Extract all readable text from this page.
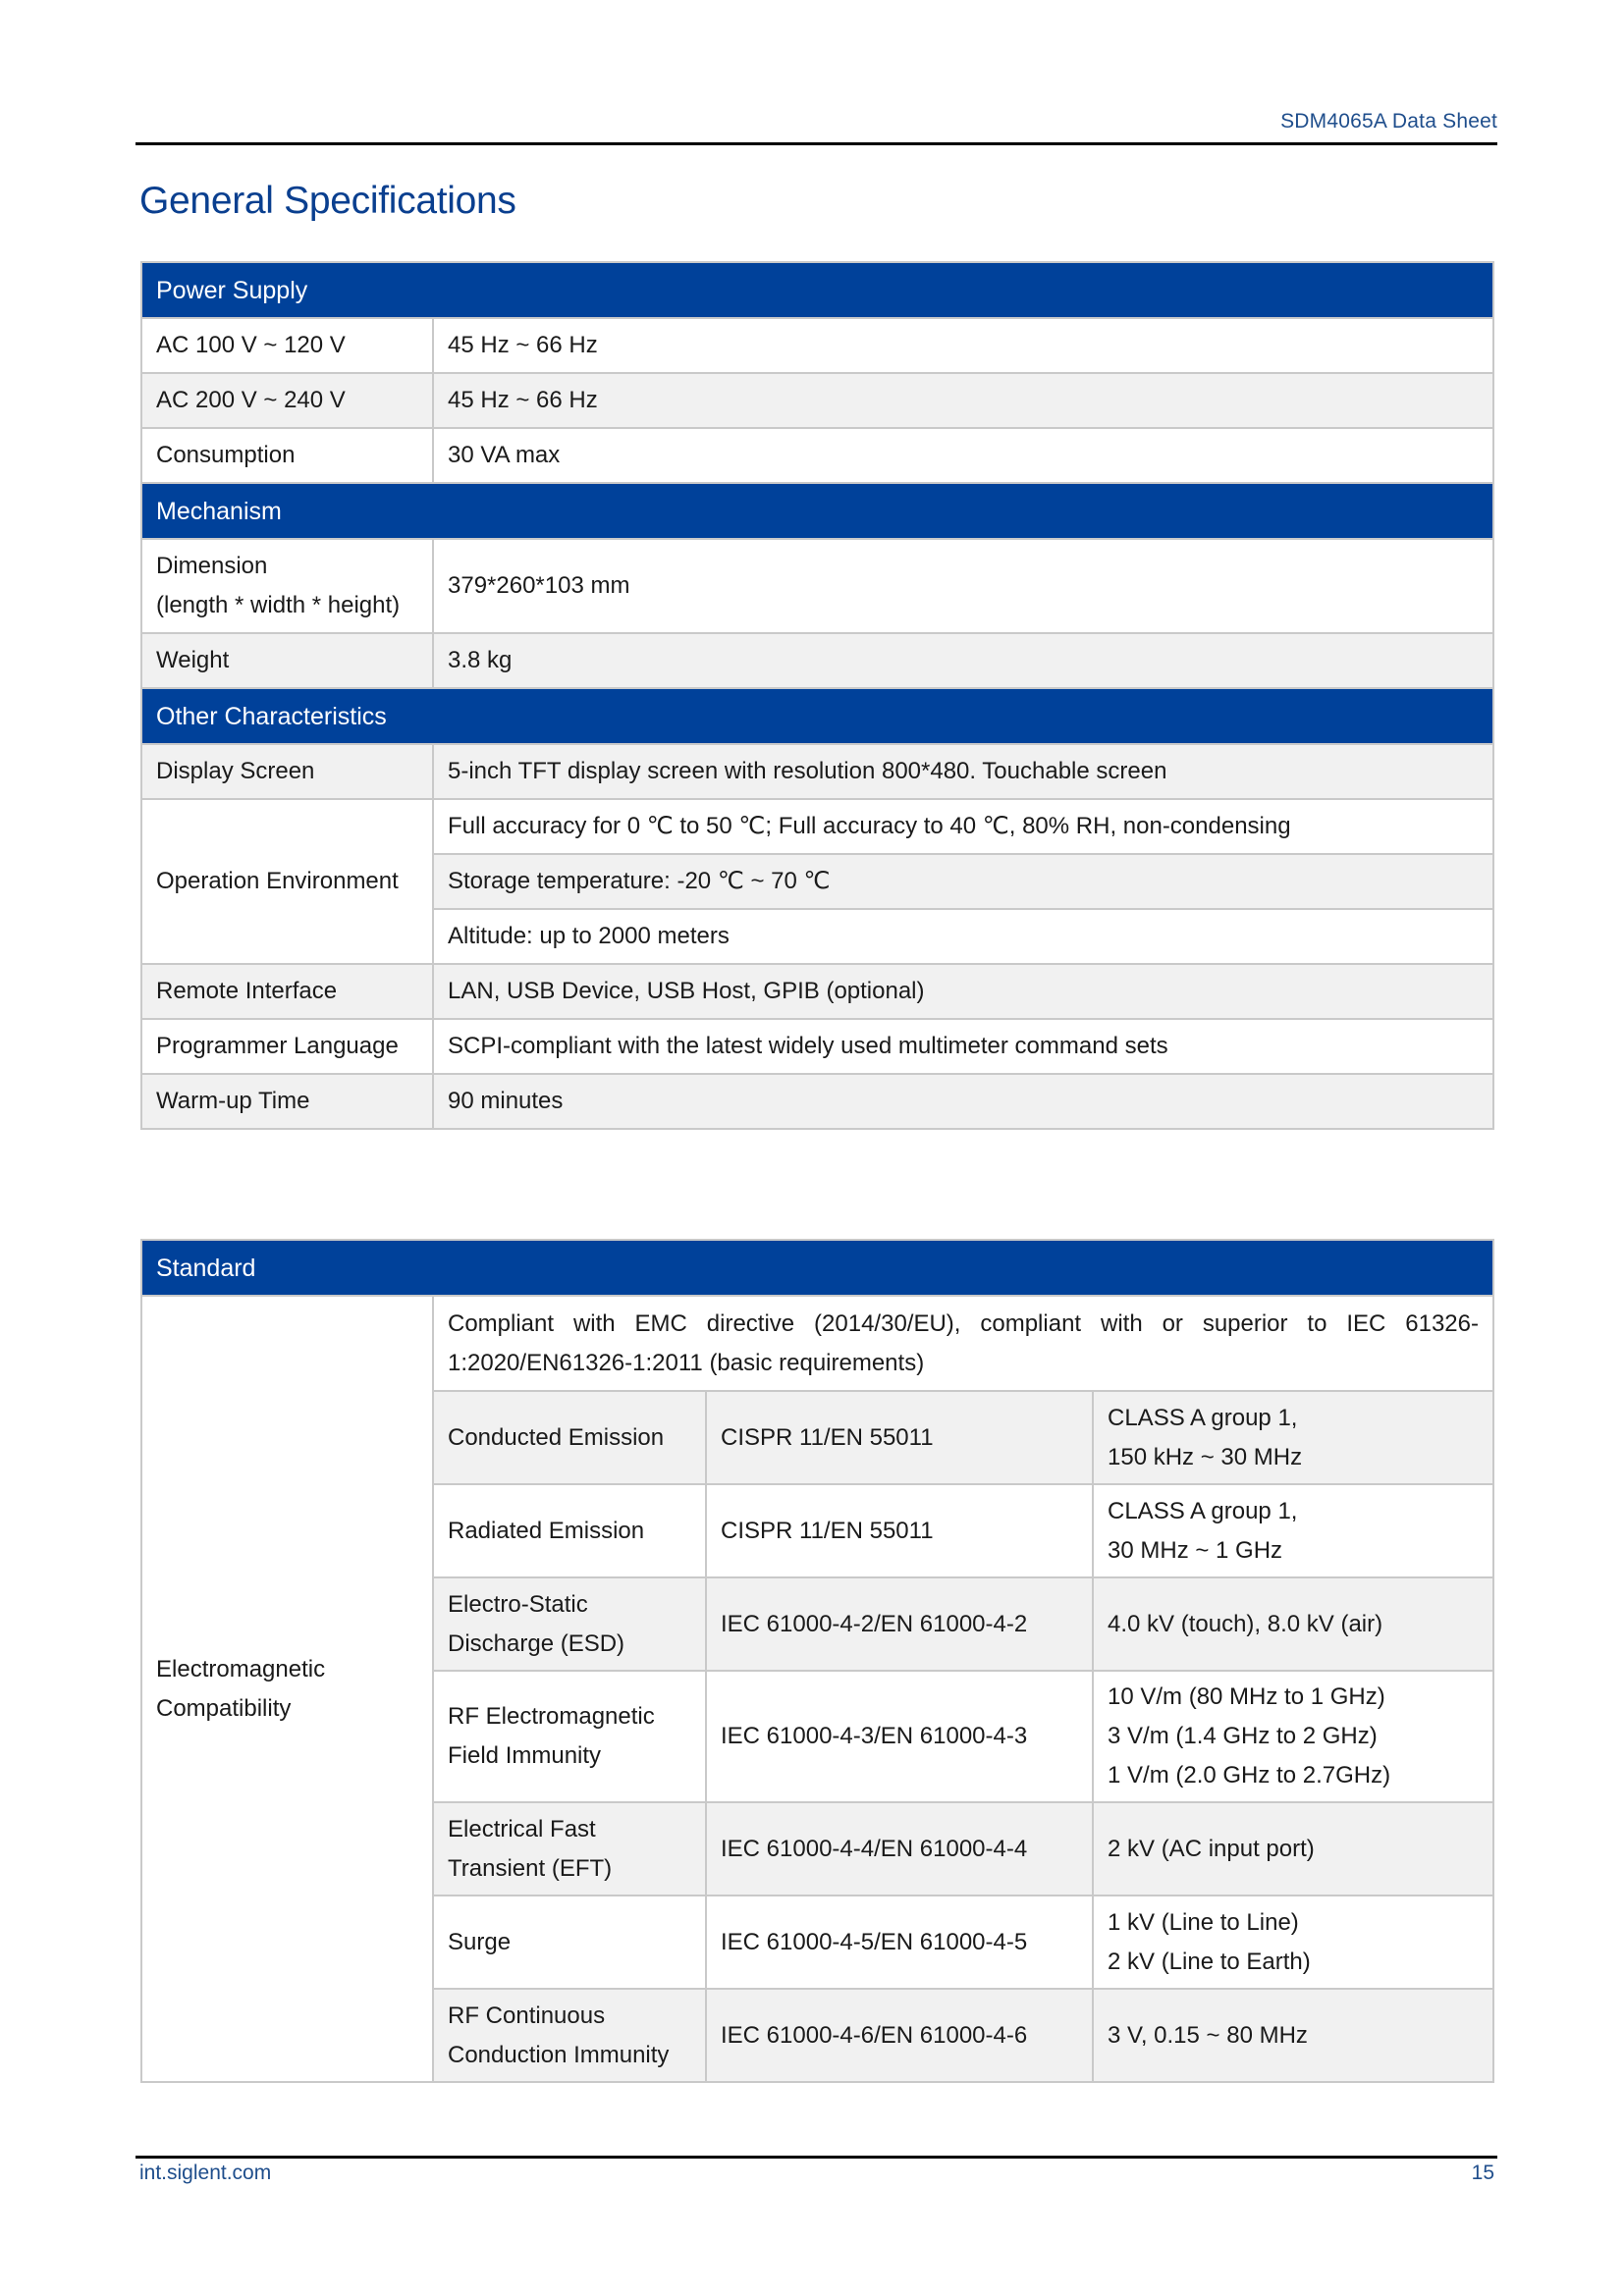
SDM4065A Data Sheet
General Specifications
Power Supply	
AC 100 V ~ 120 V	45 Hz ~ 66 Hz
AC 200 V ~ 240 V	45 Hz ~ 66 Hz
Consumption	30 VA max
Mechanism	

Dimension
(length * width * height)	379*260*103 mm
Weight	3.8 kg
Other Characteristics	
Display Screen	5-inch TFT display screen with resolution 800*480. Touchable screen
Operation Environment	Full accuracy for 0 ℃ to 50 ℃; Full accuracy to 40 ℃, 80% RH, non-condensing
	Storage temperature: -20 ℃ ~ 70 ℃
	Altitude: up to 2000 meters
Remote Interface	LAN, USB Device, USB Host, GPIB (optional)
Programmer Language	SCPI-compliant with the latest widely used multimeter command sets
Warm-up Time	90 minutes
Standard			

Electromagnetic
Compatibility	Compliant with EMC directive (2014/30/EU), compliant with or superior to IEC 61326-1:2020/EN61326-1:2011 (basic requirements)		
	Conducted Emission	CISPR 11/EN 55011	CLASS A group 1,
150 kHz ~ 30 MHz

	Radiated Emission	CISPR 11/EN 55011	CLASS A group 1,
30 MHz ~ 1 GHz

	Electro-Static
Discharge (ESD)	IEC 61000-4-2/EN 61000-4-2	4.0 kV (touch), 8.0 kV (air)

	RF Electromagnetic
Field Immunity	IEC 61000-4-3/EN 61000-4-3	10 V/m (80 MHz to 1 GHz)
3 V/m (1.4 GHz to 2 GHz)
1 V/m (2.0 GHz to 2.7GHz)

	Electrical Fast
Transient (EFT)	IEC 61000-4-4/EN 61000-4-4	2 kV (AC input port)

	Surge	IEC 61000-4-5/EN 61000-4-5	1 kV (Line to Line)
2 kV (Line to Earth)

	RF Continuous
Conduction Immunity	IEC 61000-4-6/EN 61000-4-6	3 V, 0.15 ~ 80 MHz
int.siglent.com	15
